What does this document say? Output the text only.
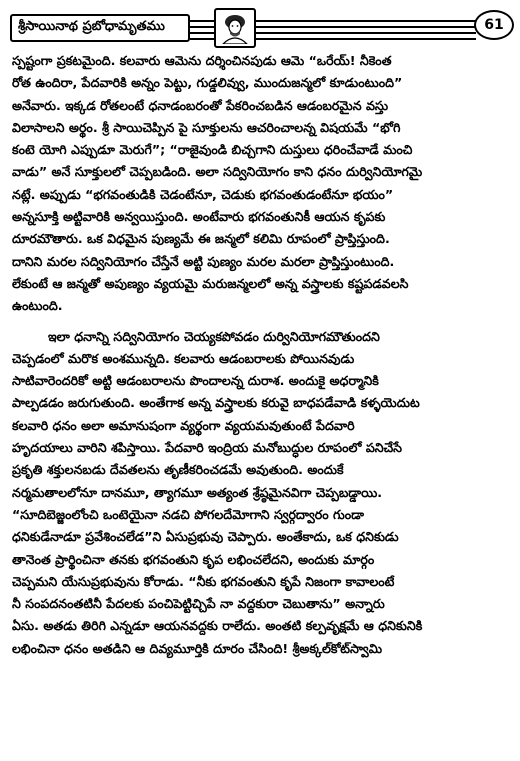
శ్రీసాయినాథ ప్రబోధామృతము	61
స్పష్టంగా ప్రకటమైంది. కలవారు ఆమెను దర్శించినపుడు ఆమె “ఒరేయ్! నీకెంత
రోత ఉందిరా, పేదవారికి అన్నం పెట్టు, గుడ్డలివ్వు, ముందుజన్మలో కూడుంటుంది”
అనేవారు. ఇక్కడ రోతలంటే ధనాడంబరంతో పేకరించబడిన ఆడంబరమైన వస్తు
విలాసాలని అర్థం. శ్రీ సాయిచెప్పిన పై సూక్తులను ఆచరించాలన్న విషయమే “భోగి
కంటె యోగి ఎప్పుడూ మెరుగే”; “రాజైవుండి బిచ్చగాని దుస్తులు ధరించేవాడే మంచి
వాడు” అనే సూక్తులలో చెప్పబడింది. అలా సద్వినియోగం కాని ధనం దుర్వినియోగమై
నట్లే. అప్పుడు “భగవంతుడికి చెడంటేనూ, చెడుకు భగవంతుడంటేనూ భయం”
అన్నసూక్తి అట్టివారికి అన్వయిస్తుంది. అంటేవారు భగవంతునికీ ఆయన కృపకు
దూరమౌతారు. ఒక విధమైన పుణ్యమే ఈ జన్మలో కలిమి రూపంలో ప్రాప్తిస్తుంది.
దానిని మరల సద్వినియోగం చేస్తేనే అట్టి పుణ్యం మరల మరలా ప్రాప్తిస్తుంటుంది.
లేకుంటే ఆ జన్మతో అపుణ్యం వ్యయమై మరుజన్మలలో అన్న వస్త్రాలకు కష్టపడవలసి
ఉంటుంది.
ఇలా ధనాన్ని సద్వినియోగం చెయ్యకపోవడం దుర్వినియోగమౌతుందని
చెప్పడంలో మరొక అంశమున్నది. కలవారు ఆడంబరాలకు పోయినవుడు
సాటివారెందరికో అట్టి ఆడంబరాలను పొందాలన్న దురాశ. అందుకై అధర్మానికి
పాల్పడడం జరుగుతుంది. అంతేగాక అన్న వస్త్రాలకు కరువై బాధపడేవాడి కళ్ళయెదుట
కలవారి ధనం అలా అమానుషంగా వ్యర్థంగా వ్యయమవుతుంటే పేదవారి
హృదయాలు వారిని శపిస్తాయి. పేదవారి ఇంద్రియ మనోబుద్ధుల రూపంలో పనిచేసే
ప్రకృతి శక్తులనబడు దేవతలను తృణీకరించడమే అవుతుంది. అందుకే
నర్మమతాలలోనూ దానమూ, త్యాగమూ అత్యంత శ్రేష్ఠమైనవిగా చెప్పబడ్డాయి.
“సూదిబెజ్జంలోంచి ఒంటెయైనా నడచి పోగలదేమోగాని స్వర్గద్వారం గుండా
ధనికుడేనాడూ ప్రవేశించలేడ”ని ఏసుప్రభువు చెప్పారు. అంతేకాదు, ఒక ధనికుడు
తానెంత ప్రార్థించినా తనకు భగవంతుని కృప లభించలేదని, అందుకు మార్గం
చెప్పమని యేసుప్రభువును కోరాడు. “నీకు భగవంతుని కృపే నిజంగా కావాలంటే
నీ సంపదనంతటినీ పేదలకు పంచిపెట్టిచ్చిపే నా వద్దకురా చెబుతాను” అన్నారు
ఏసు. అతడు తిరిగి ఎన్నడూ ఆయనవద్దకు రాలేదు. అంతటి కల్పవృక్షమే ఆ ధనికునికి
లభించినా ధనం అతడిని ఆ దివ్యమూర్తికి దూరం చేసింది! శ్రీఅక్కల్‌కోట్‌స్వామి
